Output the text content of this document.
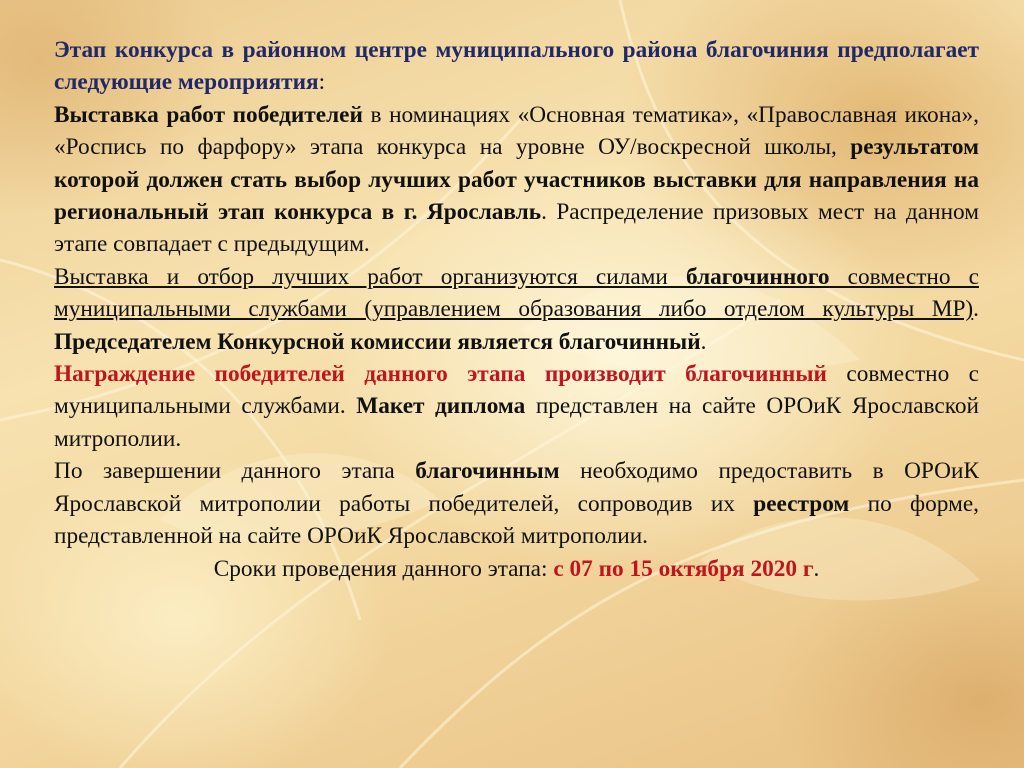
Этап конкурса в районном центре муниципального района благочиния предполагает следующие мероприятия:

Выставка работ победителей в номинациях «Основная тематика», «Православная икона», «Роспись по фарфору» этапа конкурса на уровне ОУ/воскресной школы, результатом которой должен стать выбор лучших работ участников выставки для направления на региональный этап конкурса в г. Ярославль. Распределение призовых мест на данном этапе совпадает с предыдущим.

Выставка и отбор лучших работ организуются силами благочинного совместно с муниципальными службами (управлением образования либо отделом культуры МР). Председателем Конкурсной комиссии является благочинный.

Награждение победителей данного этапа производит благочинный совместно с муниципальными службами. Макет диплома представлен на сайте ОРОиК Ярославской митрополии.

По завершении данного этапа благочинным необходимо предоставить в ОРОиК Ярославской митрополии работы победителей, сопроводив их реестром по форме, представленной на сайте ОРОиК Ярославской митрополии.

Сроки проведения данного этапа: с 07 по 15 октября 2020 г.
